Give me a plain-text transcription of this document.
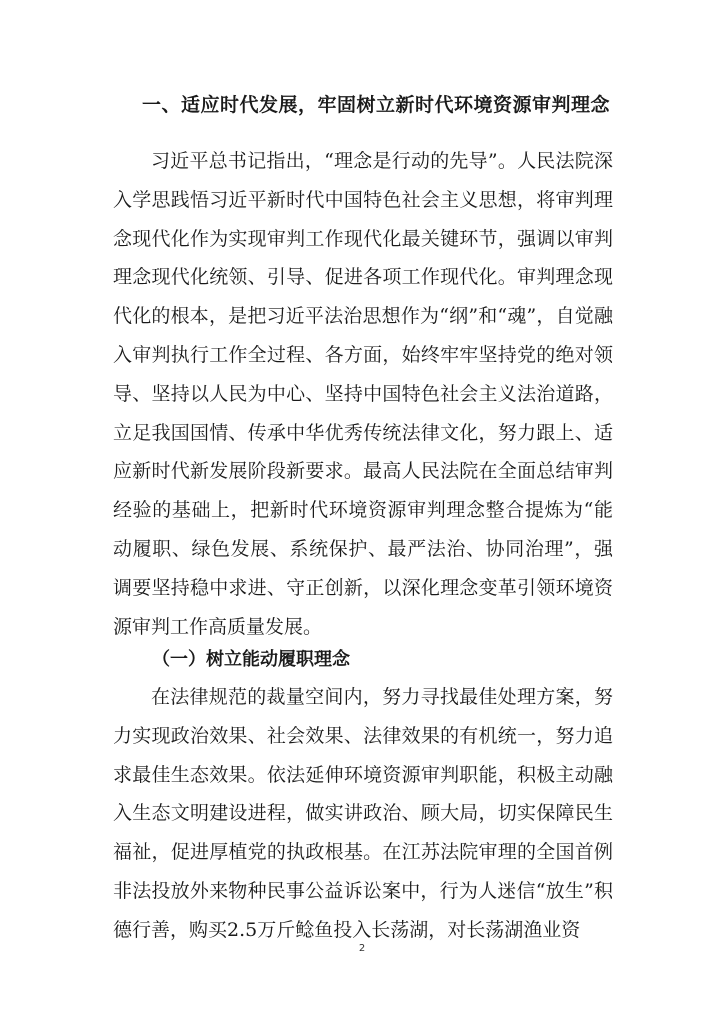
一、适应时代发展，牢固树立新时代环境资源审判理念

习近平总书记指出，“理念是行动的先导”。人民法院深入学思践悟习近平新时代中国特色社会主义思想，将审判理念现代化作为实现审判工作现代化最关键环节，强调以审判理念现代化统领、引导、促进各项工作现代化。审判理念现代化的根本，是把习近平法治思想作为“纲”和“魂”，自觉融入审判执行工作全过程、各方面，始终牢牢坚持党的绝对领导、坚持以人民为中心、坚持中国特色社会主义法治道路，立足我国国情、传承中华优秀传统法律文化，努力跟上、适应新时代新发展阶段新要求。最高人民法院在全面总结审判经验的基础上，把新时代环境资源审判理念整合提炼为“能动履职、绿色发展、系统保护、最严法治、协同治理”，强调要坚持稳中求进、守正创新，以深化理念变革引领环境资源审判工作高质量发展。

（一）树立能动履职理念

在法律规范的裁量空间内，努力寻找最佳处理方案，努力实现政治效果、社会效果、法律效果的有机统一，努力追求最佳生态效果。依法延伸环境资源审判职能，积极主动融入生态文明建设进程，做实讲政治、顾大局，切实保障民生福祉，促进厚植党的执政根基。在江苏法院审理的全国首例非法投放外来物种民事公益诉讼案中，行为人迷信“放生”积德行善，购买2.5万斤鲶鱼投入长荡湖，对长荡湖渔业资

2
